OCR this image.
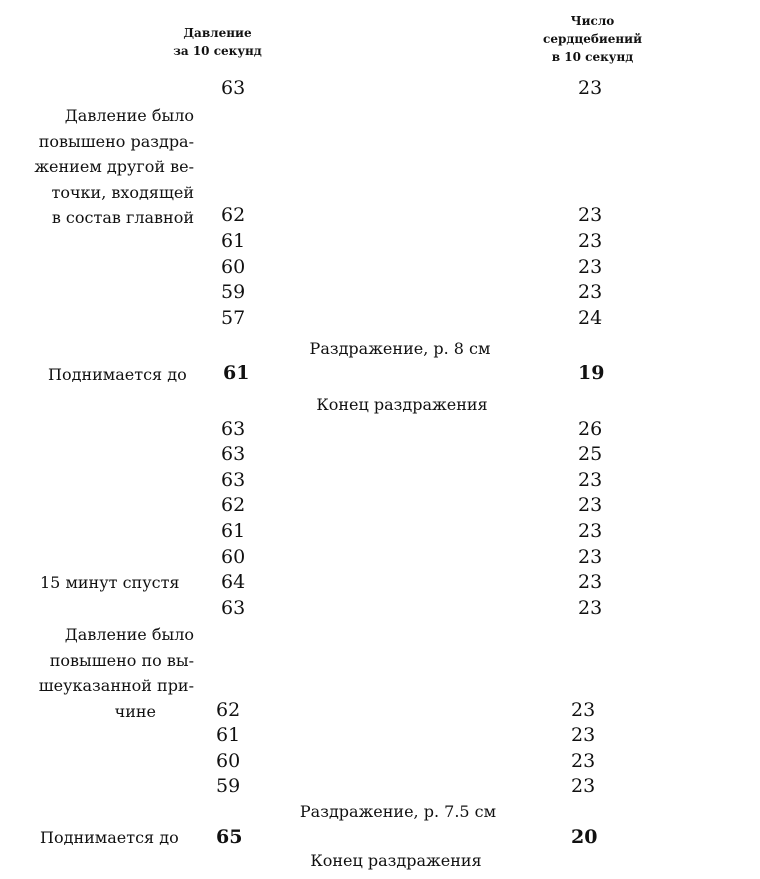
Давление
за 10 секунд
Число
сердцебиений
в 10 секунд
Давление было
повышено раздра-
жением другой ве-
точки, входящей
в состав главной
63	23
62	23
61	23
60	23
59	23
57	24
Раздражение, р. 8 см
Поднимается до 61	19
Конец раздражения
63	26
63	25
63	23
62	23
61	23
60	23
15 минут спустя 64	23
63	23
Давление было
повышено по вы-
шеуказанной при-
чине	62	23
61	23
60	23
59	23
Раздражение, р. 7.5 см
Поднимается до 65	20
Конец раздражения
